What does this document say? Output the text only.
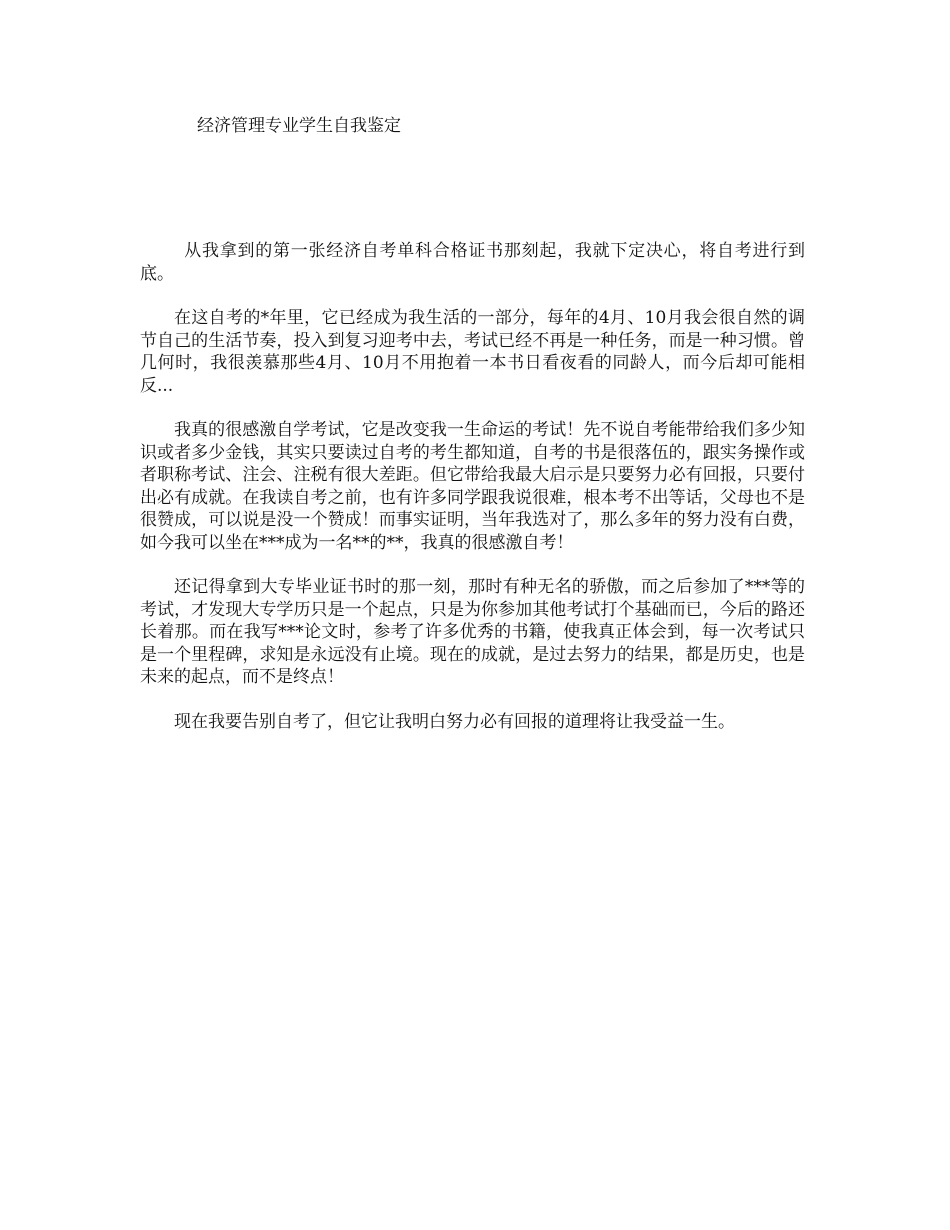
经济管理专业学生自我鉴定

从我拿到的第一张经济自考单科合格证书那刻起，我就下定决心，将自考进行到底。

在这自考的*年里，它已经成为我生活的一部分，每年的4月、10月我会很自然的调节自己的生活节奏，投入到复习迎考中去，考试已经不再是一种任务，而是一种习惯。曾几何时，我很羡慕那些4月、10月不用抱着一本书日看夜看的同龄人，而今后却可能相反...

我真的很感激自学考试，它是改变我一生命运的考试！先不说自考能带给我们多少知识或者多少金钱，其实只要读过自考的考生都知道，自考的书是很落伍的，跟实务操作或者职称考试、注会、注税有很大差距。但它带给我最大启示是只要努力必有回报，只要付出必有成就。在我读自考之前，也有许多同学跟我说很难，根本考不出等话，父母也不是很赞成，可以说是没一个赞成！而事实证明，当年我选对了，那么多年的努力没有白费，如今我可以坐在***成为一名**的**，我真的很感激自考！

还记得拿到大专毕业证书时的那一刻，那时有种无名的骄傲，而之后参加了***等的考试，才发现大专学历只是一个起点，只是为你参加其他考试打个基础而已，今后的路还长着那。而在我写***论文时，参考了许多优秀的书籍，使我真正体会到，每一次考试只是一个里程碑，求知是永远没有止境。现在的成就，是过去努力的结果，都是历史，也是未来的起点，而不是终点！

现在我要告别自考了，但它让我明白努力必有回报的道理将让我受益一生。
